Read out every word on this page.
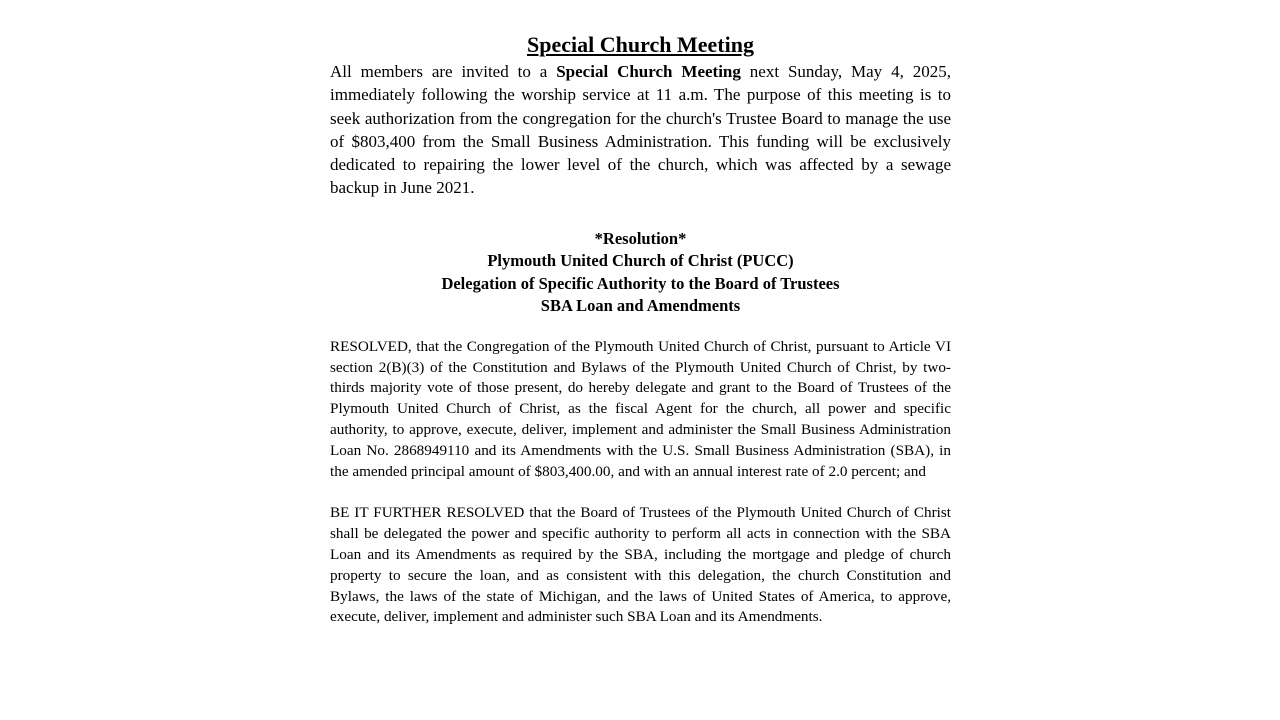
Special Church Meeting

All members are invited to a Special Church Meeting next Sunday, May 4, 2025, immediately following the worship service at 11 a.m. The purpose of this meeting is to seek authorization from the congregation for the church's Trustee Board to manage the use of $803,400 from the Small Business Administration. This funding will be exclusively dedicated to repairing the lower level of the church, which was affected by a sewage backup in June 2021.

*Resolution*
Plymouth United Church of Christ (PUCC)
Delegation of Specific Authority to the Board of Trustees
SBA Loan and Amendments

RESOLVED, that the Congregation of the Plymouth United Church of Christ, pursuant to Article VI section 2(B)(3) of the Constitution and Bylaws of the Plymouth United Church of Christ, by two-thirds majority vote of those present, do hereby delegate and grant to the Board of Trustees of the Plymouth United Church of Christ, as the fiscal Agent for the church, all power and specific authority, to approve, execute, deliver, implement and administer the Small Business Administration Loan No. 2868949110 and its Amendments with the U.S. Small Business Administration (SBA), in the amended principal amount of $803,400.00, and with an annual interest rate of 2.0 percent; and

BE IT FURTHER RESOLVED that the Board of Trustees of the Plymouth United Church of Christ shall be delegated the power and specific authority to perform all acts in connection with the SBA Loan and its Amendments as required by the SBA, including the mortgage and pledge of church property to secure the loan, and as consistent with this delegation, the church Constitution and Bylaws, the laws of the state of Michigan, and the laws of United States of America, to approve, execute, deliver, implement and administer such SBA Loan and its Amendments.
